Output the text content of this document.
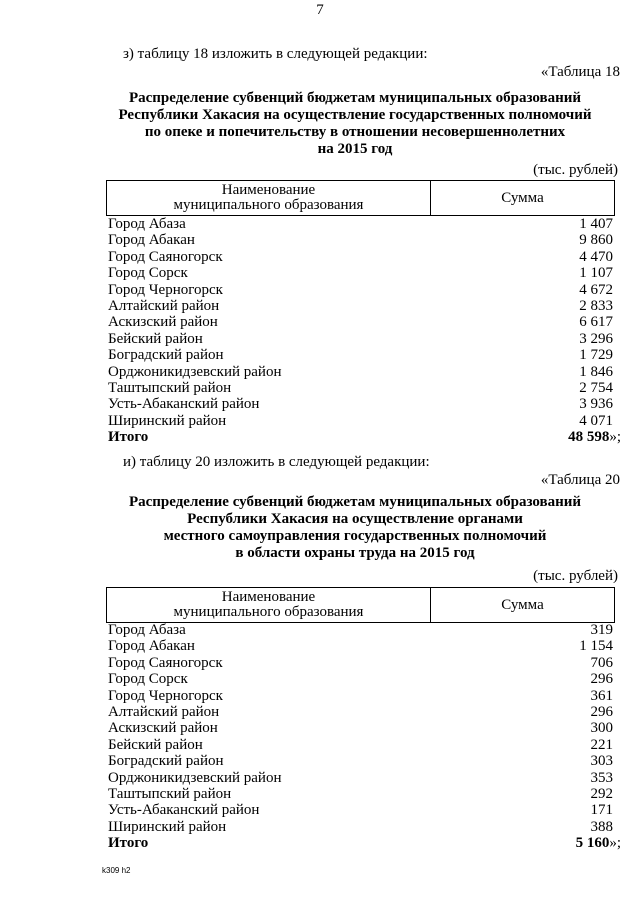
7
з) таблицу 18 изложить в следующей редакции:
«Таблица 18
Распределение субвенций бюджетам муниципальных образований
Республики Хакасия на осуществление государственных полномочий
по опеке и попечительству в отношении несовершеннолетних
на 2015 год
(тыс. рублей)
Наименование
муниципального образования	Сумма
Город Абаза	1 407
Город Абакан	9 860
Город Саяногорск	4 470
Город Сорск	1 107
Город Черногорск	4 672
Алтайский район	2 833
Аскизский район	6 617
Бейский район	3 296
Боградский район	1 729
Орджоникидзевский район	1 846
Таштыпский район	2 754
Усть-Абаканский район	3 936
Ширинский район	4 071
Итого	48 598»;
и) таблицу 20 изложить в следующей редакции:
«Таблица 20
Распределение субвенций бюджетам муниципальных образований
Республики Хакасия на осуществление органами
местного самоуправления государственных полномочий
в области охраны труда на 2015 год
(тыс. рублей)
Наименование
муниципального образования	Сумма
Город Абаза	319
Город Абакан	1 154
Город Саяногорск	706
Город Сорск	296
Город Черногорск	361
Алтайский район	296
Аскизский район	300
Бейский район	221
Боградский район	303
Орджоникидзевский район	353
Таштыпский район	292
Усть-Абаканский район	171
Ширинский район	388
Итого	5 160»;
k309 h2
